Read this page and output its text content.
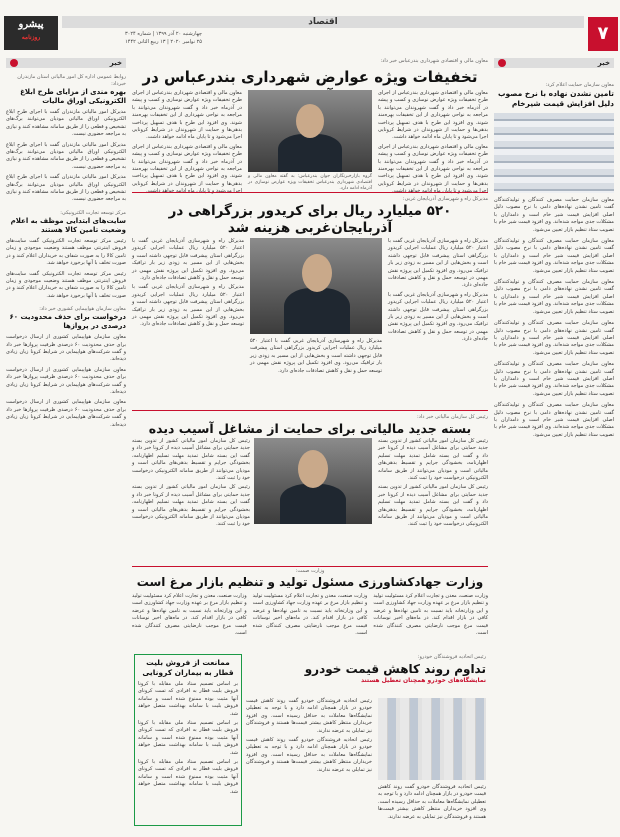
۷
اقتصاد
پیشرو
روزنامه	چهارشنبه ۲۰ آذر ۱۳۹۹ | شماره ۳۰۲۴
۲۵ نوامبر ۲۰۲۰ | ۱۳ ربیع الثانی ۱۴۴۲
خبر
معاون سازمان حمایت اعلام کرد:
تامین نشدن نهاده با نرخ مصوب دلیل افزایش قیمت شیرخام

معاون سازمان حمایت مصرف کنندگان و تولیدکنندگان گفت تامین نشدن نهاده‌های دامی با نرخ مصوب دلیل اصلی افزایش قیمت شیر خام است و دامداران با مشکلات جدی مواجه شده‌اند. وی افزود قیمت شیر خام با تصویب ستاد تنظیم بازار تعیین می‌شود.

معاون سازمان حمایت مصرف کنندگان و تولیدکنندگان گفت تامین نشدن نهاده‌های دامی با نرخ مصوب دلیل اصلی افزایش قیمت شیر خام است و دامداران با مشکلات جدی مواجه شده‌اند. وی افزود قیمت شیر خام با تصویب ستاد تنظیم بازار تعیین می‌شود.

معاون سازمان حمایت مصرف کنندگان و تولیدکنندگان گفت تامین نشدن نهاده‌های دامی با نرخ مصوب دلیل اصلی افزایش قیمت شیر خام است و دامداران با مشکلات جدی مواجه شده‌اند. وی افزود قیمت شیر خام با تصویب ستاد تنظیم بازار تعیین می‌شود.

معاون سازمان حمایت مصرف کنندگان و تولیدکنندگان گفت تامین نشدن نهاده‌های دامی با نرخ مصوب دلیل اصلی افزایش قیمت شیر خام است و دامداران با مشکلات جدی مواجه شده‌اند. وی افزود قیمت شیر خام با تصویب ستاد تنظیم بازار تعیین می‌شود.

معاون سازمان حمایت مصرف کنندگان و تولیدکنندگان گفت تامین نشدن نهاده‌های دامی با نرخ مصوب دلیل اصلی افزایش قیمت شیر خام است و دامداران با مشکلات جدی مواجه شده‌اند. وی افزود قیمت شیر خام با تصویب ستاد تنظیم بازار تعیین می‌شود.

معاون سازمان حمایت مصرف کنندگان و تولیدکنندگان گفت تامین نشدن نهاده‌های دامی با نرخ مصوب دلیل اصلی افزایش قیمت شیر خام است و دامداران با مشکلات جدی مواجه شده‌اند. وی افزود قیمت شیر خام با تصویب ستاد تنظیم بازار تعیین می‌شود.

خبر
روابط عمومی اداره کل امور مالیاتی استان مازندران خبرداد:
بهره مندی از مزایای طرح ابلاغ الکترونیکی اوراق مالیات

مدیرکل امور مالیاتی مازندران گفت با اجرای طرح ابلاغ الکترونیکی اوراق مالیاتی مودیان می‌توانند برگ‌های تشخیص و قطعی را از طریق سامانه مشاهده کنند و نیازی به مراجعه حضوری نیست.

مدیرکل امور مالیاتی مازندران گفت با اجرای طرح ابلاغ الکترونیکی اوراق مالیاتی مودیان می‌توانند برگ‌های تشخیص و قطعی را از طریق سامانه مشاهده کنند و نیازی به مراجعه حضوری نیست.

مدیرکل امور مالیاتی مازندران گفت با اجرای طرح ابلاغ الکترونیکی اوراق مالیاتی مودیان می‌توانند برگ‌های تشخیص و قطعی را از طریق سامانه مشاهده کنند و نیازی به مراجعه حضوری نیست.

مرکز توسعه تجارت الکترونیکی:
سایت‌های ابتدایی موظف به اعلام وضعیت تامین کالا هستند

رئیس مرکز توسعه تجارت الکترونیکی گفت سایت‌های فروش اینترنتی موظف هستند وضعیت موجودی و زمان تامین کالا را به صورت شفاف به خریداران اعلام کنند و در صورت تخلف با آنها برخورد خواهد شد.

رئیس مرکز توسعه تجارت الکترونیکی گفت سایت‌های فروش اینترنتی موظف هستند وضعیت موجودی و زمان تامین کالا را به صورت شفاف به خریداران اعلام کنند و در صورت تخلف با آنها برخورد خواهد شد.

معاون سازمان هواپیمایی کشوری خبر داد:
درخواست برای حذف محدودیت ۶۰ درصدی در پروازها

معاون سازمان هواپیمایی کشوری از ارسال درخواست برای حذف محدودیت ۶۰ درصدی ظرفیت پروازها خبر داد و گفت شرکت‌های هواپیمایی در شرایط کرونا زیان زیادی دیده‌اند.

معاون سازمان هواپیمایی کشوری از ارسال درخواست برای حذف محدودیت ۶۰ درصدی ظرفیت پروازها خبر داد و گفت شرکت‌های هواپیمایی در شرایط کرونا زیان زیادی دیده‌اند.

معاون سازمان هواپیمایی کشوری از ارسال درخواست برای حذف محدودیت ۶۰ درصدی ظرفیت پروازها خبر داد و گفت شرکت‌های هواپیمایی در شرایط کرونا زیان زیادی دیده‌اند.

معاون مالی و اقتصادی شهرداری بندرعباس خبر داد:
تخفیفات ویژه عوارض شهرداری بندرعباس در

معاون مالی و اقتصادی شهرداری بندرعباس از اجرای طرح تخفیفات ویژه عوارض نوسازی و کسب و پیشه در آذرماه خبر داد و گفت شهروندان می‌توانند با مراجعه به نواحی شهرداری از این تخفیفات بهره‌مند شوند. وی افزود این طرح با هدف تسهیل پرداخت بدهی‌ها و حمایت از شهروندان در شرایط کرونایی اجرا می‌شود و تا پایان ماه ادامه خواهد داشت.

معاون مالی و اقتصادی شهرداری بندرعباس از اجرای طرح تخفیفات ویژه عوارض نوسازی و کسب و پیشه در آذرماه خبر داد و گفت شهروندان می‌توانند با مراجعه به نواحی شهرداری از این تخفیفات بهره‌مند شوند. وی افزود این طرح با هدف تسهیل پرداخت بدهی‌ها و حمایت از شهروندان در شرایط کرونایی اجرا می‌شود و تا پایان ماه ادامه خواهد داشت.

گروه بازارخبرنگاران جوان بندرعباس: به گفته معاون مالی و اقتصادی شهرداری بندرعباس تخفیفات ویژه عوارض نوسازی در آذرماه ادامه دارد.

معاون مالی و اقتصادی شهرداری بندرعباس از اجرای طرح تخفیفات ویژه عوارض نوسازی و کسب و پیشه در آذرماه خبر داد و گفت شهروندان می‌توانند با مراجعه به نواحی شهرداری از این تخفیفات بهره‌مند شوند. وی افزود این طرح با هدف تسهیل پرداخت بدهی‌ها و حمایت از شهروندان در شرایط کرونایی اجرا می‌شود و تا پایان ماه ادامه خواهد داشت.

معاون مالی و اقتصادی شهرداری بندرعباس از اجرای طرح تخفیفات ویژه عوارض نوسازی و کسب و پیشه در آذرماه خبر داد و گفت شهروندان می‌توانند با مراجعه به نواحی شهرداری از این تخفیفات بهره‌مند شوند. وی افزود این طرح با هدف تسهیل پرداخت بدهی‌ها و حمایت از شهروندان در شرایط کرونایی اجرا می‌شود و تا پایان ماه ادامه خواهد داشت.

مدیرکل راه و شهرسازی آذربایجان غربی:
۵۲۰ میلیارد ریال برای کریدور بزرگراهی در آذربایجان‌غربی هزینه شد

مدیرکل راه و شهرسازی آذربایجان غربی گفت با اعتبار ۵۲۰ میلیارد ریال عملیات اجرایی کریدور بزرگراهی استان پیشرفت قابل توجهی داشته است و بخش‌هایی از این مسیر به زودی زیر بار ترافیک می‌رود. وی افزود تکمیل این پروژه نقش مهمی در توسعه حمل و نقل و کاهش تصادفات جاده‌ای دارد.

مدیرکل راه و شهرسازی آذربایجان غربی گفت با اعتبار ۵۲۰ میلیارد ریال عملیات اجرایی کریدور بزرگراهی استان پیشرفت قابل توجهی داشته است و بخش‌هایی از این مسیر به زودی زیر بار ترافیک می‌رود. وی افزود تکمیل این پروژه نقش مهمی در توسعه حمل و نقل و کاهش تصادفات جاده‌ای دارد.

مدیرکل راه و شهرسازی آذربایجان غربی گفت با اعتبار ۵۲۰ میلیارد ریال عملیات اجرایی کریدور بزرگراهی استان پیشرفت قابل توجهی داشته است و بخش‌هایی از این مسیر به زودی زیر بار ترافیک می‌رود. وی افزود تکمیل این پروژه نقش مهمی در توسعه حمل و نقل و کاهش تصادفات جاده‌ای دارد.

مدیرکل راه و شهرسازی آذربایجان غربی گفت با اعتبار ۵۲۰ میلیارد ریال عملیات اجرایی کریدور بزرگراهی استان پیشرفت قابل توجهی داشته است و بخش‌هایی از این مسیر به زودی زیر بار ترافیک می‌رود. وی افزود تکمیل این پروژه نقش مهمی در توسعه حمل و نقل و کاهش تصادفات جاده‌ای دارد.

مدیرکل راه و شهرسازی آذربایجان غربی گفت با اعتبار ۵۲۰ میلیارد ریال عملیات اجرایی کریدور بزرگراهی استان پیشرفت قابل توجهی داشته است و بخش‌هایی از این مسیر به زودی زیر بار ترافیک می‌رود. وی افزود تکمیل این پروژه نقش مهمی در توسعه حمل و نقل و کاهش تصادفات جاده‌ای دارد.

رئیس کل سازمان مالیاتی خبر داد:
بسته جدید مالیاتی برای حمایت از مشاغل آسیب دیده

رئیس کل سازمان امور مالیاتی کشور از تدوین بسته جدید حمایتی برای مشاغل آسیب دیده از کرونا خبر داد و گفت این بسته شامل تمدید مهلت تسلیم اظهارنامه، بخشودگی جرایم و تقسیط بدهی‌های مالیاتی است و مودیان می‌توانند از طریق سامانه الکترونیکی درخواست خود را ثبت کنند.

رئیس کل سازمان امور مالیاتی کشور از تدوین بسته جدید حمایتی برای مشاغل آسیب دیده از کرونا خبر داد و گفت این بسته شامل تمدید مهلت تسلیم اظهارنامه، بخشودگی جرایم و تقسیط بدهی‌های مالیاتی است و مودیان می‌توانند از طریق سامانه الکترونیکی درخواست خود را ثبت کنند.

رئیس کل سازمان امور مالیاتی کشور از تدوین بسته جدید حمایتی برای مشاغل آسیب دیده از کرونا خبر داد و گفت این بسته شامل تمدید مهلت تسلیم اظهارنامه، بخشودگی جرایم و تقسیط بدهی‌های مالیاتی است و مودیان می‌توانند از طریق سامانه الکترونیکی درخواست خود را ثبت کنند.

رئیس کل سازمان امور مالیاتی کشور از تدوین بسته جدید حمایتی برای مشاغل آسیب دیده از کرونا خبر داد و گفت این بسته شامل تمدید مهلت تسلیم اظهارنامه، بخشودگی جرایم و تقسیط بدهی‌های مالیاتی است و مودیان می‌توانند از طریق سامانه الکترونیکی درخواست خود را ثبت کنند.

وزارت صمت:
وزارت جهادکشاورزی مسئول تولید و تنظیم بازار مرغ است

وزارت صنعت، معدن و تجارت اعلام کرد مسئولیت تولید و تنظیم بازار مرغ بر عهده وزارت جهاد کشاورزی است و این وزارتخانه باید نسبت به تامین نهاده‌ها و عرضه کافی در بازار اقدام کند. در ماه‌های اخیر نوسانات قیمت مرغ موجب نارضایتی مصرف کنندگان شده است.

وزارت صنعت، معدن و تجارت اعلام کرد مسئولیت تولید و تنظیم بازار مرغ بر عهده وزارت جهاد کشاورزی است و این وزارتخانه باید نسبت به تامین نهاده‌ها و عرضه کافی در بازار اقدام کند. در ماه‌های اخیر نوسانات قیمت مرغ موجب نارضایتی مصرف کنندگان شده است.

وزارت صنعت، معدن و تجارت اعلام کرد مسئولیت تولید و تنظیم بازار مرغ بر عهده وزارت جهاد کشاورزی است و این وزارتخانه باید نسبت به تامین نهاده‌ها و عرضه کافی در بازار اقدام کند. در ماه‌های اخیر نوسانات قیمت مرغ موجب نارضایتی مصرف کنندگان شده است.

رئیس اتحادیه فروشندگان خودرو:
تداوم روند کاهش قیمت خودرو
نمایشگاه‌های خودرو همچنان تعطیل هستند

رئیس اتحادیه فروشندگان خودرو گفت روند کاهش قیمت خودرو در بازار همچنان ادامه دارد و با توجه به تعطیلی نمایشگاه‌ها معاملات به حداقل رسیده است. وی افزود خریداران منتظر کاهش بیشتر قیمت‌ها هستند و فروشندگان نیز تمایلی به عرضه ندارند.

رئیس اتحادیه فروشندگان خودرو گفت روند کاهش قیمت خودرو در بازار همچنان ادامه دارد و با توجه به تعطیلی نمایشگاه‌ها معاملات به حداقل رسیده است. وی افزود خریداران منتظر کاهش بیشتر قیمت‌ها هستند و فروشندگان نیز تمایلی به عرضه ندارند.

رئیس اتحادیه فروشندگان خودرو گفت روند کاهش قیمت خودرو در بازار همچنان ادامه دارد و با توجه به تعطیلی نمایشگاه‌ها معاملات به حداقل رسیده است. وی افزود خریداران منتظر کاهش بیشتر قیمت‌ها هستند و فروشندگان نیز تمایلی به عرضه ندارند.

ممانعت از فروش بلیت قطار به بیماران کرونایی

بر اساس تصمیم ستاد ملی مقابله با کرونا فروش بلیت قطار به افرادی که تست کرونای آنها مثبت بوده ممنوع شده است و سامانه فروش بلیت با سامانه بهداشت متصل خواهد شد.

بر اساس تصمیم ستاد ملی مقابله با کرونا فروش بلیت قطار به افرادی که تست کرونای آنها مثبت بوده ممنوع شده است و سامانه فروش بلیت با سامانه بهداشت متصل خواهد شد.

بر اساس تصمیم ستاد ملی مقابله با کرونا فروش بلیت قطار به افرادی که تست کرونای آنها مثبت بوده ممنوع شده است و سامانه فروش بلیت با سامانه بهداشت متصل خواهد شد.
